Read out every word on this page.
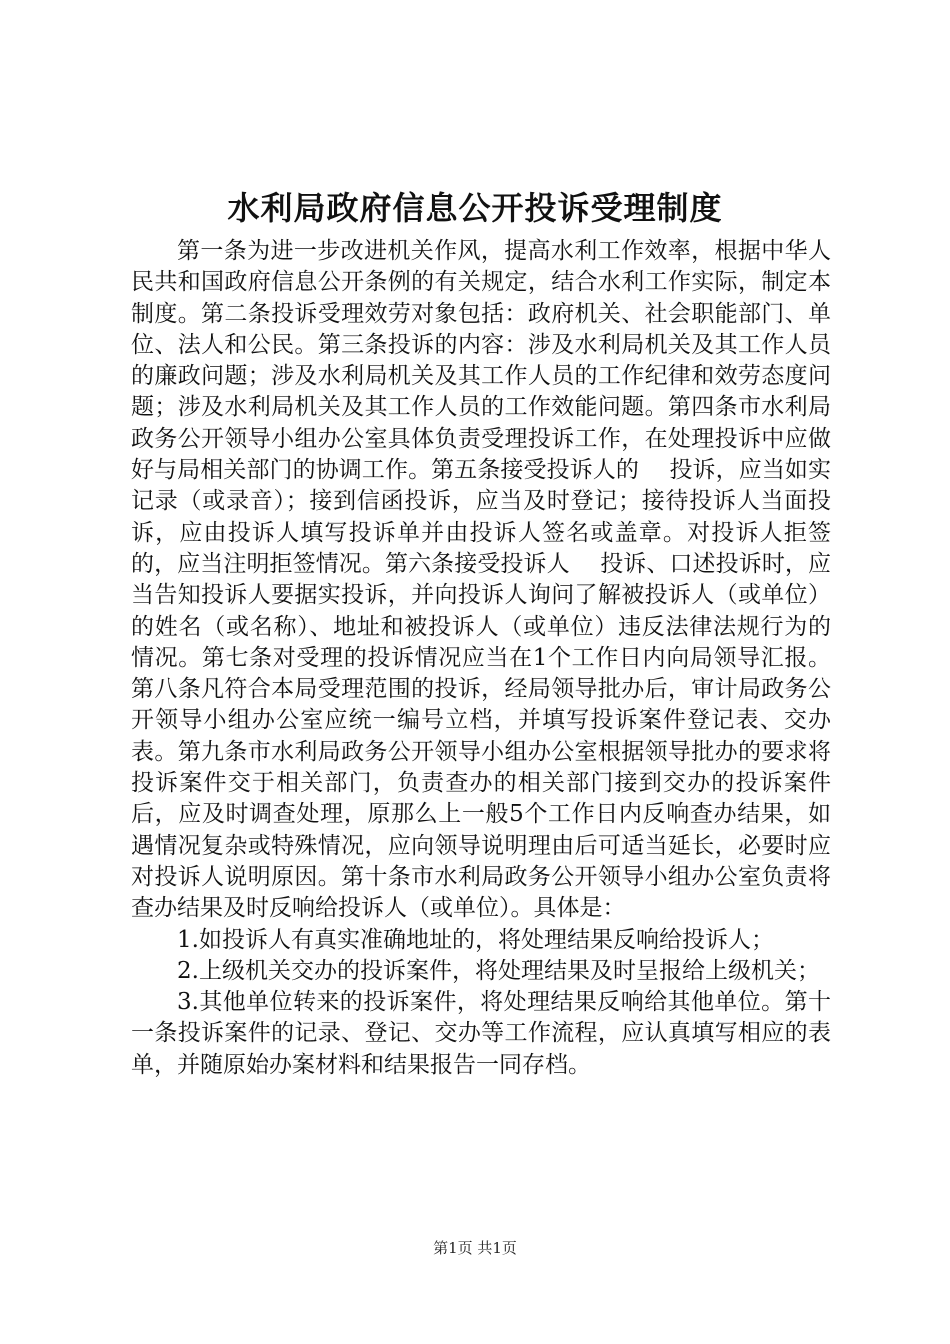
水利局政府信息公开投诉受理制度

第一条为进一步改进机关作风，提高水利工作效率，根据中华人民共和国政府信息公开条例的有关规定，结合水利工作实际，制定本制度。第二条投诉受理效劳对象包括：政府机关、社会职能部门、单位、法人和公民。第三条投诉的内容：涉及水利局机关及其工作人员的廉政问题；涉及水利局机关及其工作人员的工作纪律和效劳态度问题；涉及水利局机关及其工作人员的工作效能问题。第四条市水利局政务公开领导小组办公室具体负责受理投诉工作，在处理投诉中应做好与局相关部门的协调工作。第五条接受投诉人的　 投诉，应当如实记录（或录音）；接到信函投诉，应当及时登记；接待投诉人当面投诉，应由投诉人填写投诉单并由投诉人签名或盖章。对投诉人拒签的，应当注明拒签情况。第六条接受投诉人　 投诉、口述投诉时，应当告知投诉人要据实投诉，并向投诉人询问了解被投诉人（或单位）的姓名（或名称）、地址和被投诉人（或单位）违反法律法规行为的情况。第七条对受理的投诉情况应当在1个工作日内向局领导汇报。第八条凡符合本局受理范围的投诉，经局领导批办后，审计局政务公开领导小组办公室应统一编号立档，并填写投诉案件登记表、交办表。第九条市水利局政务公开领导小组办公室根据领导批办的要求将投诉案件交于相关部门，负责查办的相关部门接到交办的投诉案件后，应及时调查处理，原那么上一般5个工作日内反响查办结果，如遇情况复杂或特殊情况，应向领导说明理由后可适当延长，必要时应对投诉人说明原因。第十条市水利局政务公开领导小组办公室负责将查办结果及时反响给投诉人（或单位）。具体是：

1.如投诉人有真实准确地址的，将处理结果反响给投诉人；

2.上级机关交办的投诉案件，将处理结果及时呈报给上级机关；

3.其他单位转来的投诉案件，将处理结果反响给其他单位。第十一条投诉案件的记录、登记、交办等工作流程，应认真填写相应的表单，并随原始办案材料和结果报告一同存档。

第1页 共1页
